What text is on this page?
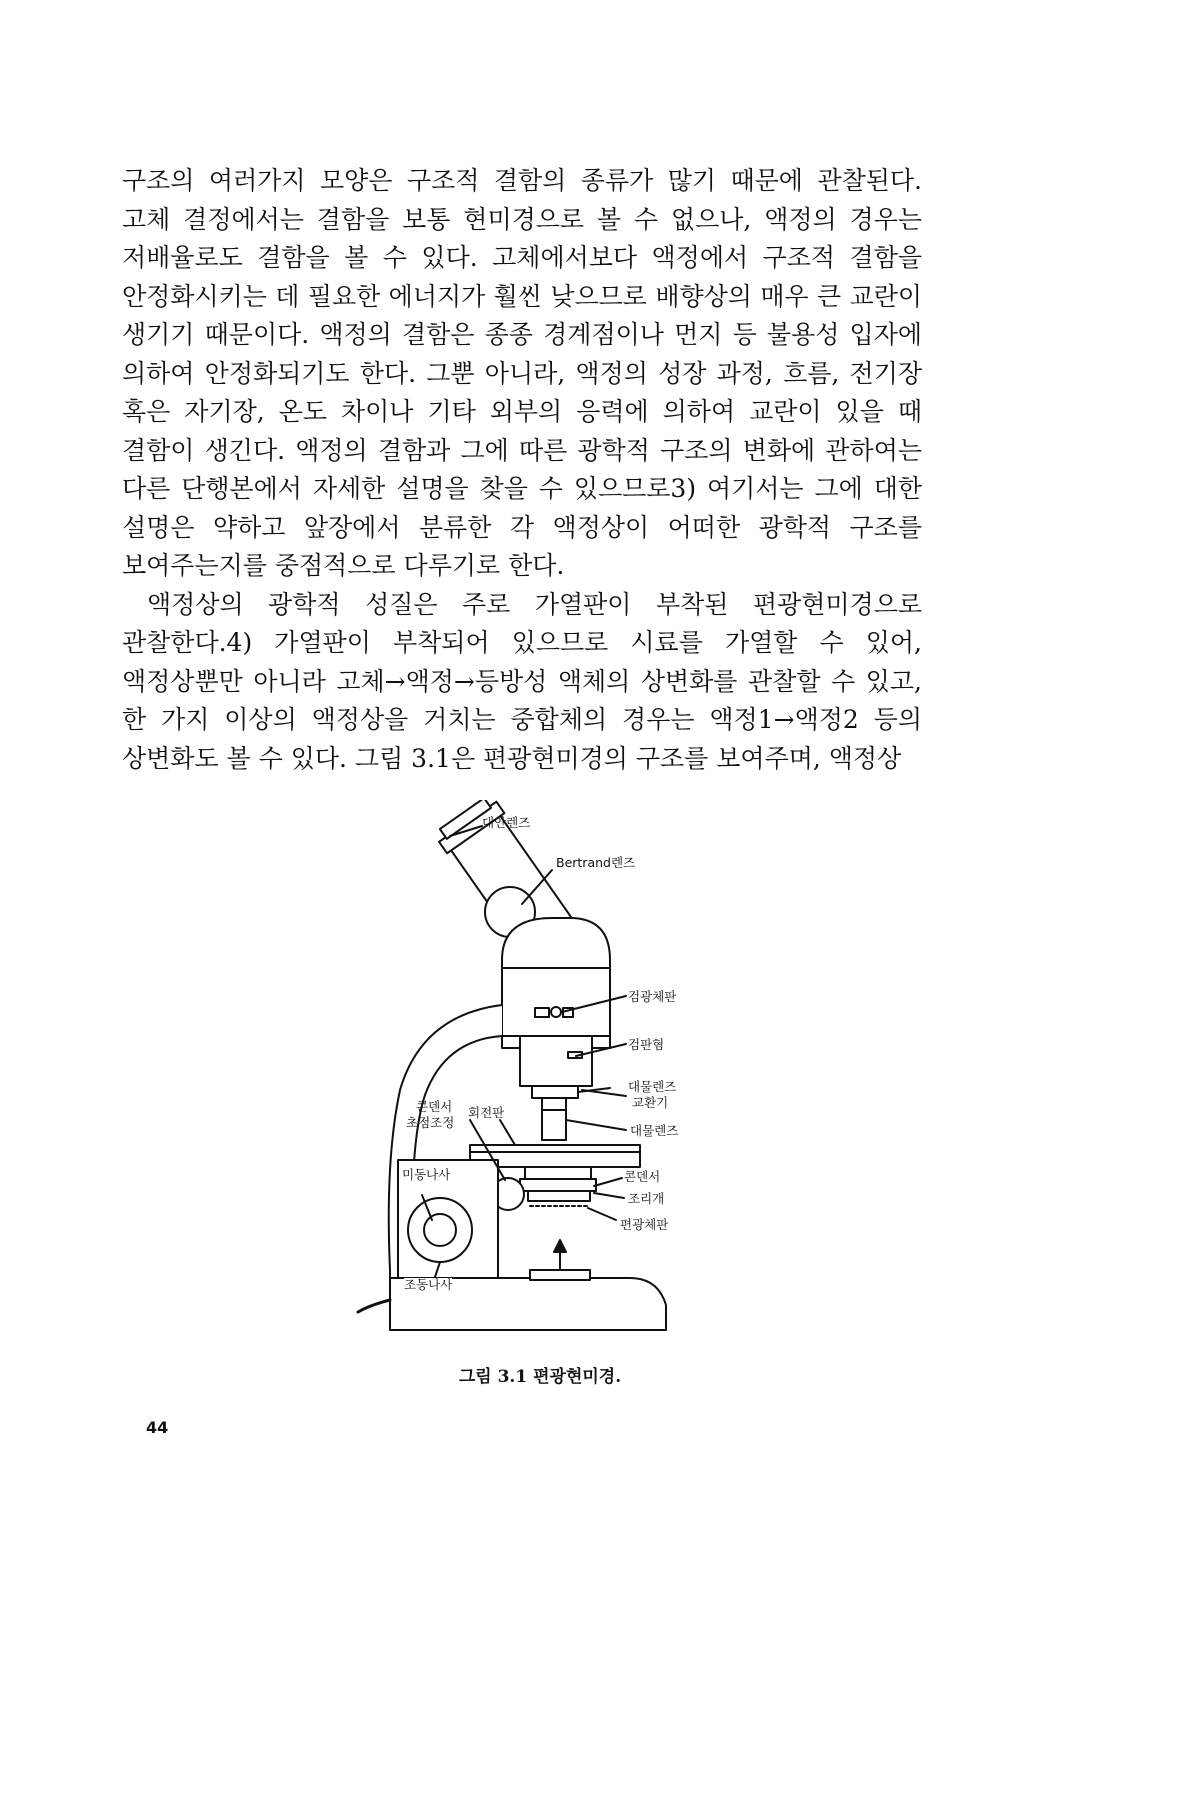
구조의 여러가지 모양은 구조적 결함의 종류가 많기 때문에 관찰된다. 고체 결정에서는 결함을 보통 현미경으로 볼 수 없으나, 액정의 경우는 저배율로도 결함을 볼 수 있다. 고체에서보다 액정에서 구조적 결함을 안정화시키는 데 필요한 에너지가 훨씬 낮으므로 배향상의 매우 큰 교란이 생기기 때문이다. 액정의 결함은 종종 경계점이나 먼지 등 불용성 입자에 의하여 안정화되기도 한다. 그뿐 아니라, 액정의 성장 과정, 흐름, 전기장 혹은 자기장, 온도 차이나 기타 외부의 응력에 의하여 교란이 있을 때 결함이 생긴다. 액정의 결함과 그에 따른 광학적 구조의 변화에 관하여는 다른 단행본에서 자세한 설명을 찾을 수 있으므로3) 여기서는 그에 대한 설명은 약하고 앞장에서 분류한 각 액정상이 어떠한 광학적 구조를 보여주는지를 중점적으로 다루기로 한다.

액정상의 광학적 성질은 주로 가열판이 부착된 편광현미경으로 관찰한다.4) 가열판이 부착되어 있으므로 시료를 가열할 수 있어, 액정상뿐만 아니라 고체→액정→등방성 액체의 상변화를 관찰할 수 있고, 한 가지 이상의 액정상을 거치는 중합체의 경우는 액정1→액정2 등의 상변화도 볼 수 있다. 그림 3.1은 편광현미경의 구조를 보여주며, 액정상

대안렌즈
Bertrand렌즈
검광체판
검판혐
대물렌즈
교환기
대물렌즈
콘덴서
초점조정
회전판
미동나사	콘덴서
조리개
편광체판
조동나사
그림 3.1 편광현미경.
44
